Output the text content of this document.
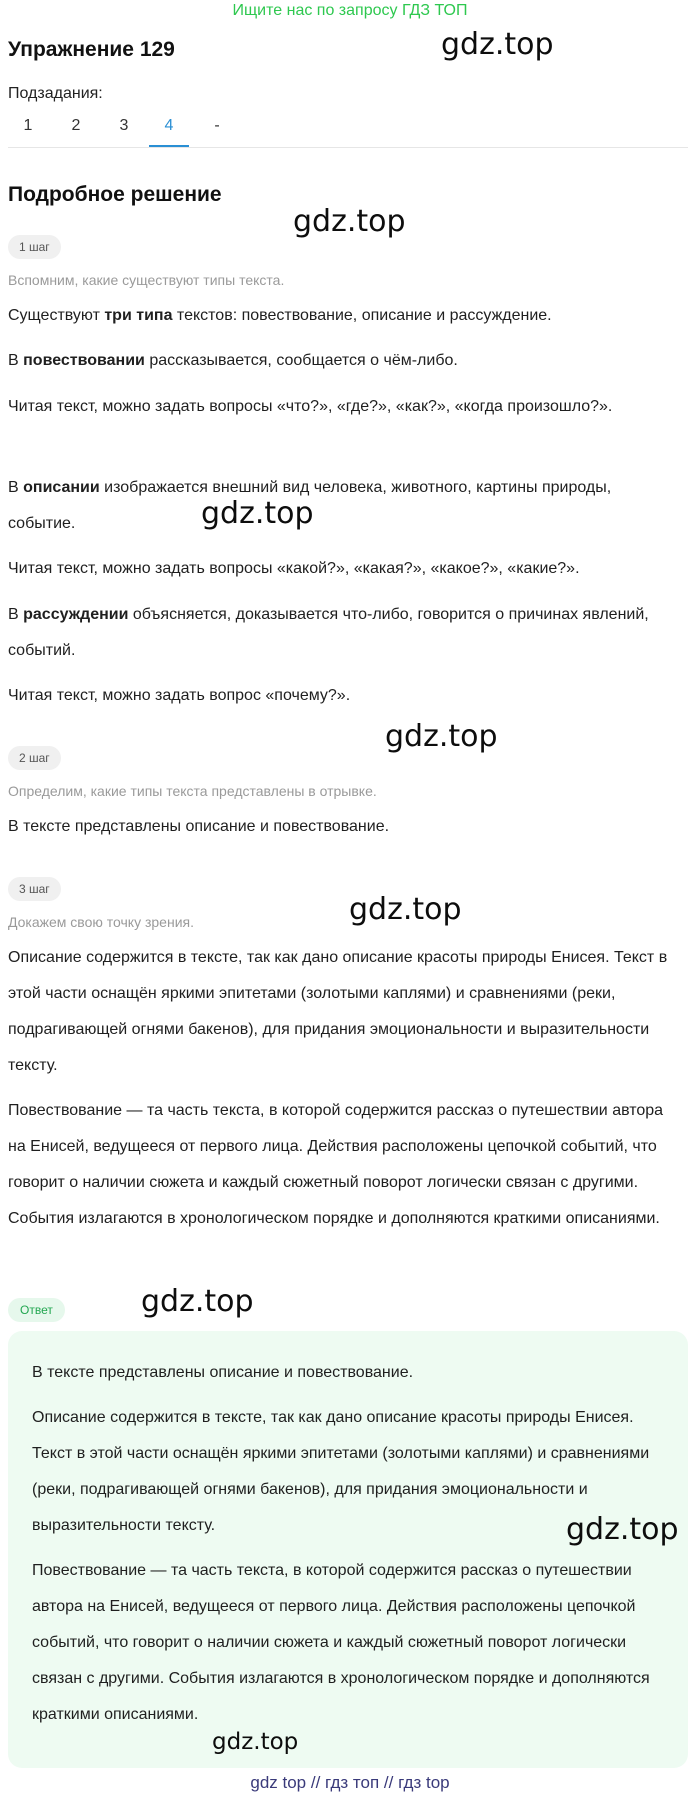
Ищите нас по запросу ГДЗ ТОП
Упражнение 129
Подзадания:
1	2	3	4	-
Подробное решение
1 шаг
Вспомним, какие существуют типы текста.

Существуют три типа текстов: повествование, описание и рассуждение.

В повествовании рассказывается, сообщается о чём-либо.

Читая текст, можно задать вопросы «что?», «где?», «как?», «когда произошло?».

В описании изображается внешний вид человека, животного, картины природы, событие.

Читая текст, можно задать вопросы «какой?», «какая?», «какое?», «какие?».

В рассуждении объясняется, доказывается что-либо, говорится о причинах явлений, событий.

Читая текст, можно задать вопрос «почему?».

2 шаг
Определим, какие типы текста представлены в отрывке.

В тексте представлены описание и повествование.

3 шаг
Докажем свою точку зрения.

Описание содержится в тексте, так как дано описание красоты природы Енисея. Текст в этой части оснащён яркими эпитетами (золотыми каплями) и сравнениями (реки, подрагивающей огнями бакенов), для придания эмоциональности и выразительности тексту.

Повествование — та часть текста, в которой содержится рассказ о путешествии автора на Енисей, ведущееся от первого лица. Действия расположены цепочкой событий, что говорит о наличии сюжета и каждый сюжетный поворот логически связан с другими. События излагаются в хронологическом порядке и дополняются краткими описаниями.

Ответ

В тексте представлены описание и повествование.

Описание содержится в тексте, так как дано описание красоты природы Енисея. Текст в этой части оснащён яркими эпитетами (золотыми каплями) и сравнениями (реки, подрагивающей огнями бакенов), для придания эмоциональности и выразительности тексту.

Повествование — та часть текста, в которой содержится рассказ о путешествии автора на Енисей, ведущееся от первого лица. Действия расположены цепочкой событий, что говорит о наличии сюжета и каждый сюжетный поворот логически связан с другими. События излагаются в хронологическом порядке и дополняются краткими описаниями.

gdz.top
gdz.top
gdz.top
gdz.top
gdz.top
gdz.top
gdz.top
gdz.top
gdz top // гдз топ // гдз top
